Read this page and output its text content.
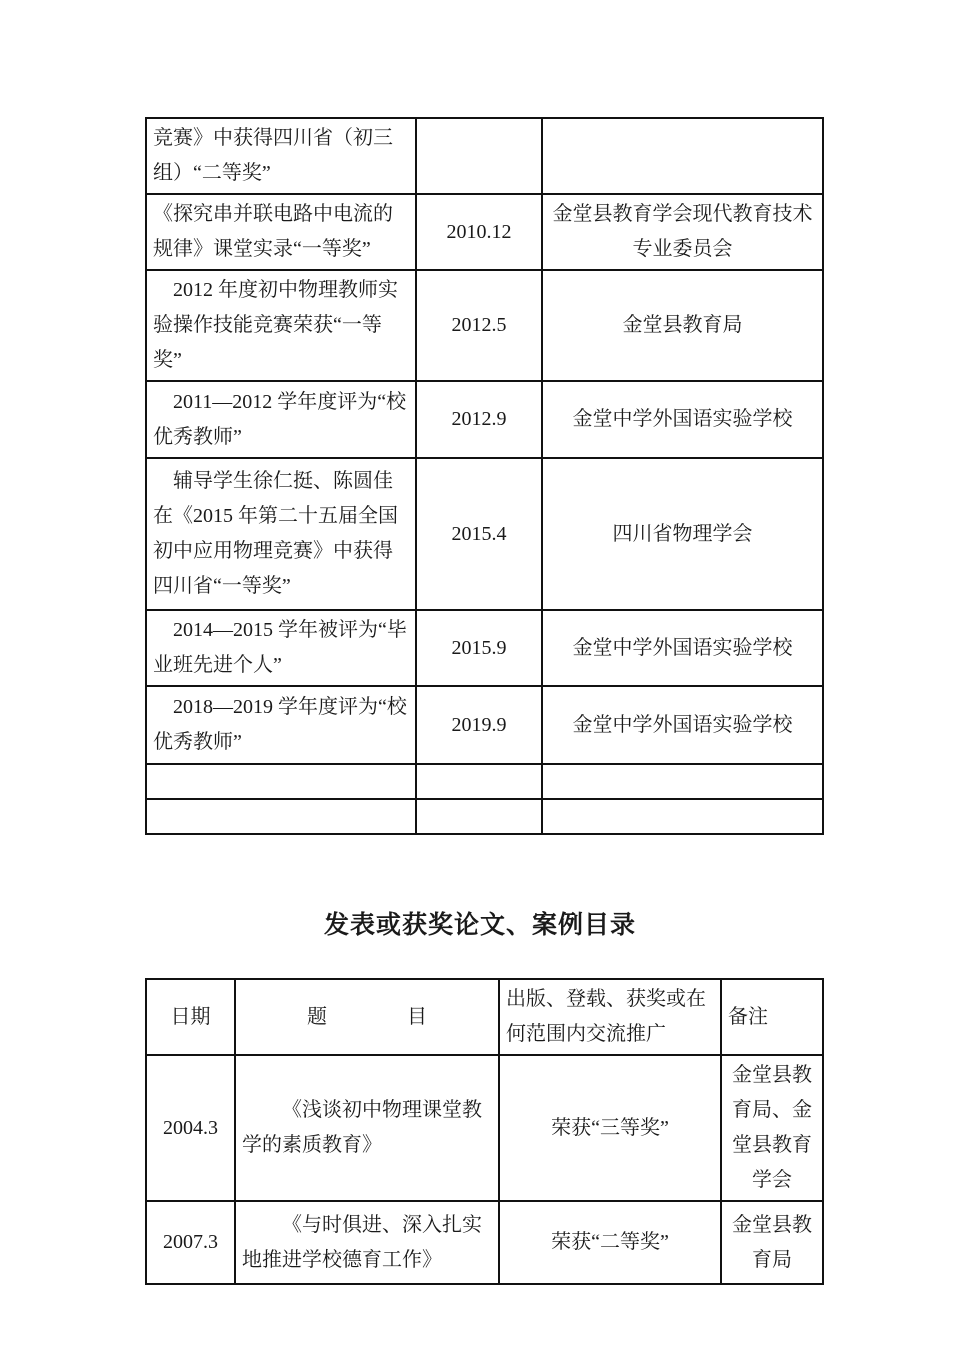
竞赛》中获得四川省（初三组）“二等奖”		
《探究串并联电路中电流的规律》课堂实录“一等奖”	2010.12	金堂县教育学会现代教育技术专业委员会
2012 年度初中物理教师实验操作技能竞赛荣获“一等奖”	2012.5	金堂县教育局
2011—2012 学年度评为“校优秀教师”	2012.9	金堂中学外国语实验学校
辅导学生徐仁挺、陈圆佳在《2015 年第二十五届全国初中应用物理竞赛》中获得四川省“一等奖”	2015.4	四川省物理学会
2014—2015 学年被评为“毕业班先进个人”	2015.9	金堂中学外国语实验学校
2018—2019 学年度评为“校优秀教师”	2019.9	金堂中学外国语实验学校

发表或获奖论文、案例目录
日期	题　　　　目	出版、登载、获奖或在何范围内交流推广	备注
2004.3	《浅谈初中物理课堂教学的素质教育》	荣获“三等奖”	金堂县教育局、金堂县教育学会
2007.3	《与时俱进、深入扎实地推进学校德育工作》	荣获“二等奖”	金堂县教育局
